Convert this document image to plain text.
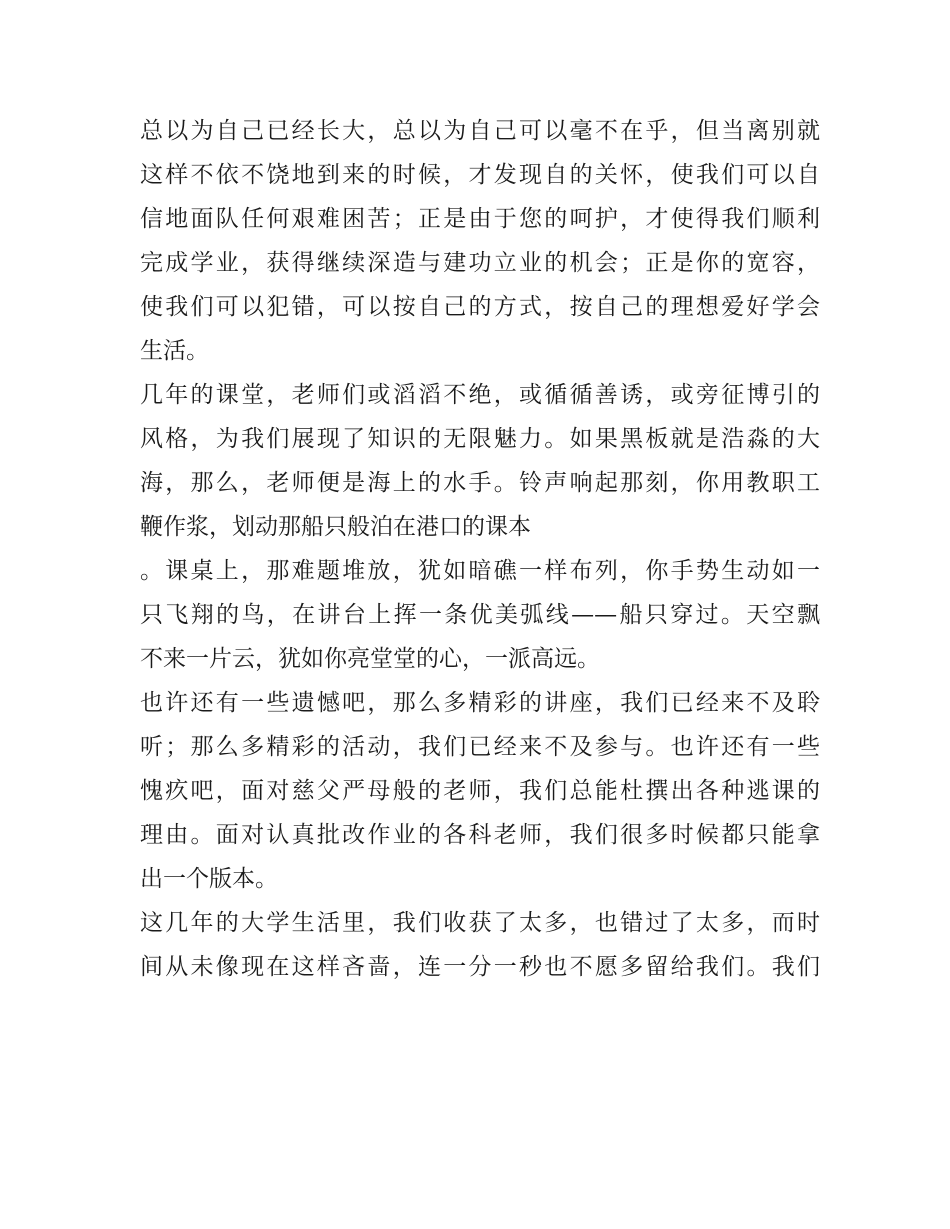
总以为自己已经长大，总以为自己可以毫不在乎，但当离别就
这样不依不饶地到来的时候，才发现自的关怀，使我们可以自
信地面队任何艰难困苦；正是由于您的呵护，才使得我们顺利
完成学业，获得继续深造与建功立业的机会；正是你的宽容，
使我们可以犯错，可以按自己的方式，按自己的理想爱好学会
生活。
几年的课堂，老师们或滔滔不绝，或循循善诱，或旁征博引的
风格，为我们展现了知识的无限魅力。如果黑板就是浩淼的大
海，那么，老师便是海上的水手。铃声响起那刻，你用教职工
鞭作浆，划动那船只般泊在港口的课本
。课桌上，那难题堆放，犹如暗礁一样布列，你手势生动如一
只飞翔的鸟，在讲台上挥一条优美弧线——船只穿过。天空飘
不来一片云，犹如你亮堂堂的心，一派高远。
也许还有一些遗憾吧，那么多精彩的讲座，我们已经来不及聆
听；那么多精彩的活动，我们已经来不及参与。也许还有一些
愧疚吧，面对慈父严母般的老师，我们总能杜撰出各种逃课的
理由。面对认真批改作业的各科老师，我们很多时候都只能拿
出一个版本。
这几年的大学生活里，我们收获了太多，也错过了太多，而时
间从未像现在这样吝啬，连一分一秒也不愿多留给我们。我们
